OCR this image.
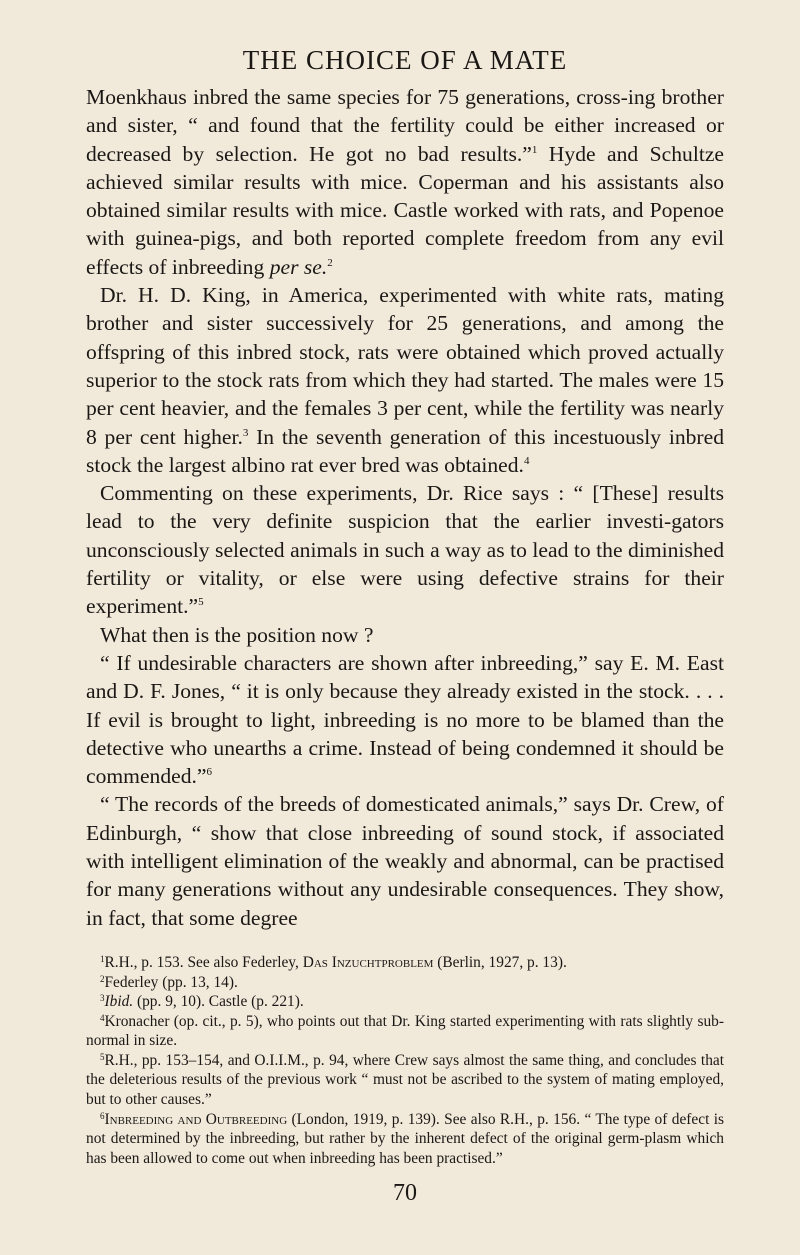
THE CHOICE OF A MATE

Moenkhaus inbred the same species for 75 generations, cross-ing brother and sister, “ and found that the fertility could be either increased or decreased by selection. He got no bad results.”$^1$ Hyde and Schultze achieved similar results with mice. Coperman and his assistants also obtained similar results with mice. Castle worked with rats, and Popenoe with guinea-pigs, and both reported complete freedom from any evil effects of inbreeding per se.$^2$

Dr. H. D. King, in America, experimented with white rats, mating brother and sister successively for 25 generations, and among the offspring of this inbred stock, rats were obtained which proved actually superior to the stock rats from which they had started. The males were 15 per cent heavier, and the females 3 per cent, while the fertility was nearly 8 per cent higher.$^3$ In the seventh generation of this incestuously inbred stock the largest albino rat ever bred was obtained.$^4$

Commenting on these experiments, Dr. Rice says : “ [These] results lead to the very definite suspicion that the earlier investi-gators unconsciously selected animals in such a way as to lead to the diminished fertility or vitality, or else were using defective strains for their experiment.”$^5$

What then is the position now ?

“ If undesirable characters are shown after inbreeding,” say E. M. East and D. F. Jones, “ it is only because they already existed in the stock. . . . If evil is brought to light, inbreeding is no more to be blamed than the detective who unearths a crime. Instead of being condemned it should be commended.”$^6$

“ The records of the breeds of domesticated animals,” says Dr. Crew, of Edinburgh, “ show that close inbreeding of sound stock, if associated with intelligent elimination of the weakly and abnormal, can be practised for many generations without any undesirable consequences. They show, in fact, that some degree

$^1$R.H., p. 153. See also Federley, Das Inzuchtproblem (Berlin, 1927, p. 13).

$^2$Federley (pp. 13, 14).

$^3$Ibid. (pp. 9, 10). Castle (p. 221).

$^4$Kronacher (op. cit., p. 5), who points out that Dr. King started experimenting with rats slightly sub-normal in size.

$^5$R.H., pp. 153–154, and O.I.I.M., p. 94, where Crew says almost the same thing, and concludes that the deleterious results of the previous work “ must not be ascribed to the system of mating employed, but to other causes.”

$^6$Inbreeding and Outbreeding (London, 1919, p. 139). See also R.H., p. 156. “ The type of defect is not determined by the inbreeding, but rather by the inherent defect of the original germ-plasm which has been allowed to come out when inbreeding has been practised.”

70
